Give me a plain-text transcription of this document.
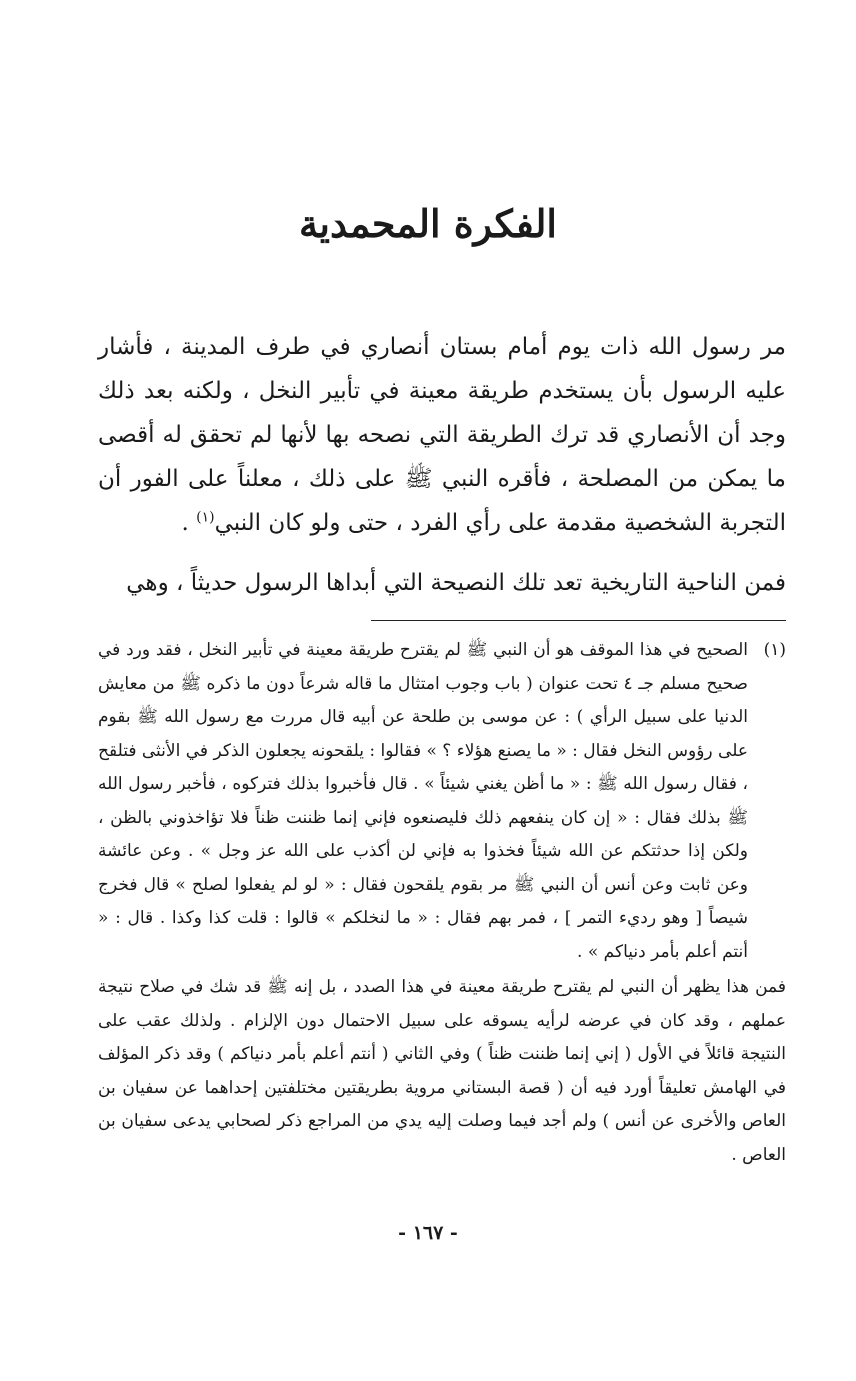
الفكرة المحمدية

مر رسول الله ذات يوم أمام بستان أنصاري في طرف المدينة ، فأشار عليه الرسول بأن يستخدم طريقة معينة في تأبير النخل ، ولكنه بعد ذلك وجد أن الأنصاري قد ترك الطريقة التي نصحه بها لأنها لم تحقق له أقصى ما يمكن من المصلحة ، فأقره النبي ﷺ على ذلك ، معلناً على الفور أن التجربة الشخصية مقدمة على رأي الفرد ، حتى ولو كان النبي$^{(١)}$ .

فمن الناحية التاريخية تعد تلك النصيحة التي أبداها الرسول حديثاً ، وهي

(١)

الصحيح في هذا الموقف هو أن النبي ﷺ لم يقترح طريقة معينة في تأبير النخل ، فقد ورد في صحيح مسلم جـ ٤ تحت عنوان ( باب وجوب امتثال ما قاله شرعاً دون ما ذكره ﷺ من معايش الدنيا على سبيل الرأي ) : عن موسى بن طلحة عن أبيه قال مررت مع رسول الله ﷺ بقوم على رؤوس النخل فقال : « ما يصنع هؤلاء ؟ » فقالوا : يلقحونه يجعلون الذكر في الأنثى فتلقح ، فقال رسول الله ﷺ : « ما أظن يغني شيئاً » . قال فأخبروا بذلك فتركوه ، فأخبر رسول الله ﷺ بذلك فقال : « إن كان ينفعهم ذلك فليصنعوه فإني إنما ظننت ظناً فلا تؤاخذوني بالظن ، ولكن إذا حدثتكم عن الله شيئاً فخذوا به فإني لن أكذب على الله عز وجل » . وعن عائشة وعن ثابت وعن أنس أن النبي ﷺ مر بقوم يلقحون فقال : « لو لم يفعلوا لصلح » قال فخرج شيصاً [ وهو رديء التمر ] ، فمر بهم فقال : « ما لنخلكم » قالوا : قلت كذا وكذا . قال : « أنتم أعلم بأمر دنياكم » .

فمن هذا يظهر أن النبي لم يقترح طريقة معينة في هذا الصدد ، بل إنه ﷺ قد شك في صلاح نتيجة عملهم ، وقد كان في عرضه لرأيه يسوقه على سبيل الاحتمال دون الإلزام . ولذلك عقب على النتيجة قائلاً في الأول ( إني إنما ظننت ظناً ) وفي الثاني ( أنتم أعلم بأمر دنياكم ) وقد ذكر المؤلف في الهامش تعليقاً أورد فيه أن ( قصة البستاني مروية بطريقتين مختلفتين إحداهما عن سفيان بن العاص والأخرى عن أنس ) ولم أجد فيما وصلت إليه يدي من المراجع ذكر لصحابي يدعى سفيان بن العاص .

- ١٦٧ -
